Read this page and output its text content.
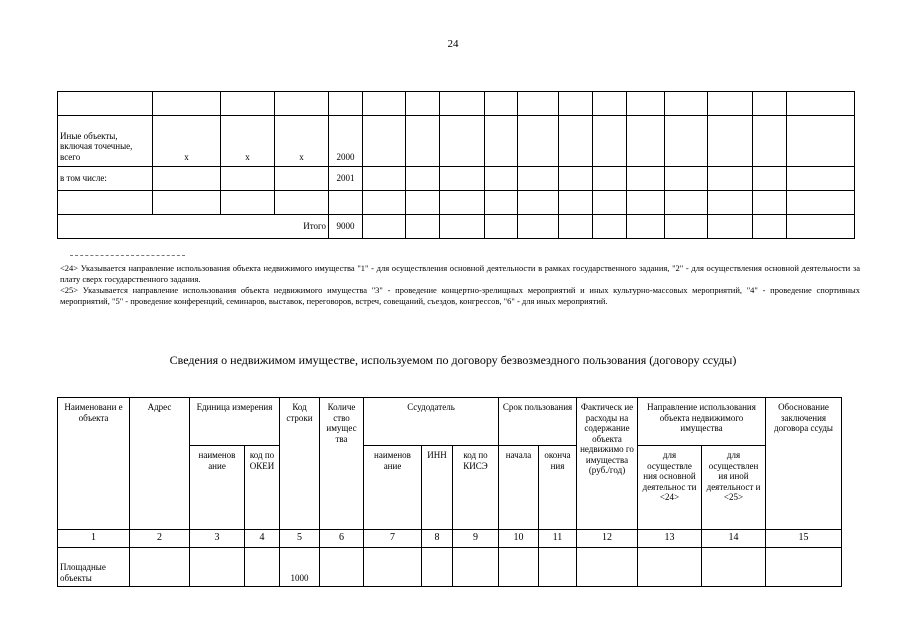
24

Иные объекты, включая точечные, всего	x	x	x	2000												
в том числе:				2001												

Итого				9000												

<24> Указывается направление использования объекта недвижимого имущества "1" - для осуществления основной деятельности в рамках государственного задания, "2" - для осуществления основной деятельности за плату сверх государственного задания.

<25> Указывается направление использования объекта недвижимого имущества "3" - проведение концертно-зрелищных мероприятий и иных культурно-массовых мероприятий, "4" - проведение спортивных мероприятий, "5" - проведение конференций, семинаров, выставок, переговоров, встреч, совещаний, съездов, конгрессов, "6" - для иных мероприятий.

Сведения о недвижимом имуществе, используемом по договору безвозмездного пользования (договору ссуды)
Наименовани е объекта	Адрес	Единица измерения		Код строки	Количе ство имущес тва	Ссудодатель			Срок пользования		Фактическ ие расходы на содержание объекта недвижимо го имущества (руб./год)	Направление использования объекта недвижимого имущества		Обоснование заключения договора ссуды
		наименов ание	код по ОКЕИ			наименов ание	ИНН	код по КИСЭ	начала	оконча ния		для осуществле ния основной деятельнос ти <24>	для осуществлен ия иной деятельност и <25>	
1	2	3	4	5	6	7	8	9	10	11	12	13	14	15
Площадные объекты				1000										
